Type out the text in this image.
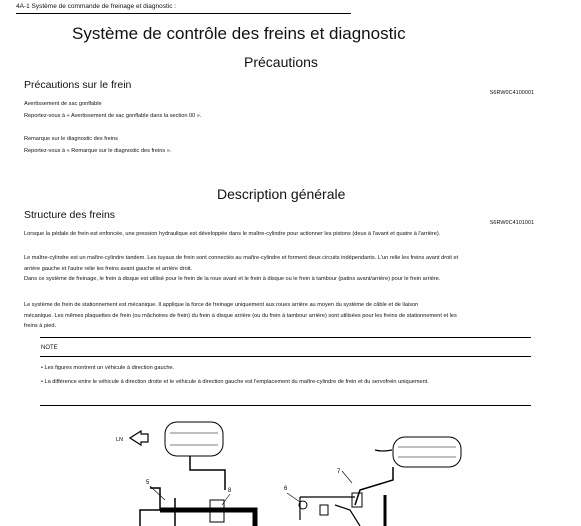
4A-1 Système de commande de freinage et diagnostic :
Système de contrôle des freins et diagnostic
Précautions
Précautions sur le frein
S6RW0C4100001
Avertissement de sac gonflable
Reportez-vous à « Avertissement de sac gonflable dans la section 00 ».
Remarque sur le diagnostic des freins
Reportez-vous à « Remarque sur le diagnostic des freins ».
Description générale
Structure des freins
S6RW0C4101001
Lorsque la pédale de frein est enfoncée, une pression hydraulique est développée dans le maître-cylindre pour actionner les pistons (deux à l'avant et quatre à l'arrière).
Le maître-cylindre est un maître-cylindre tandem. Les tuyaux de frein sont connectés au maître-cylindre et forment deux circuits indépendants. L'un relie les freins avant droit et
arrière gauche et l'autre relie les freins avant gauche et arrière droit.
Dans ce système de freinage, le frein à disque est utilisé pour le frein de la roue avant et le frein à disque ou le frein à tambour (patins avant/arrière) pour le frein arrière.
Le système de frein de stationnement est mécanique. Il applique la force de freinage uniquement aux roues arrière au moyen du système de câble et de liaison
mécanique. Les mêmes plaquettes de frein (ou mâchoires de frein) du frein à disque arrière (ou du frein à tambour arrière) sont utilisées pour les freins de stationnement et les
freins à pied.
NOTE
• Les figures montrent un véhicule à direction gauche.
• La différence entre le véhicule à direction droite et le véhicule à direction gauche est l'emplacement du maître-cylindre de frein et du servofrein uniquement.
LN
5
8	6
7
